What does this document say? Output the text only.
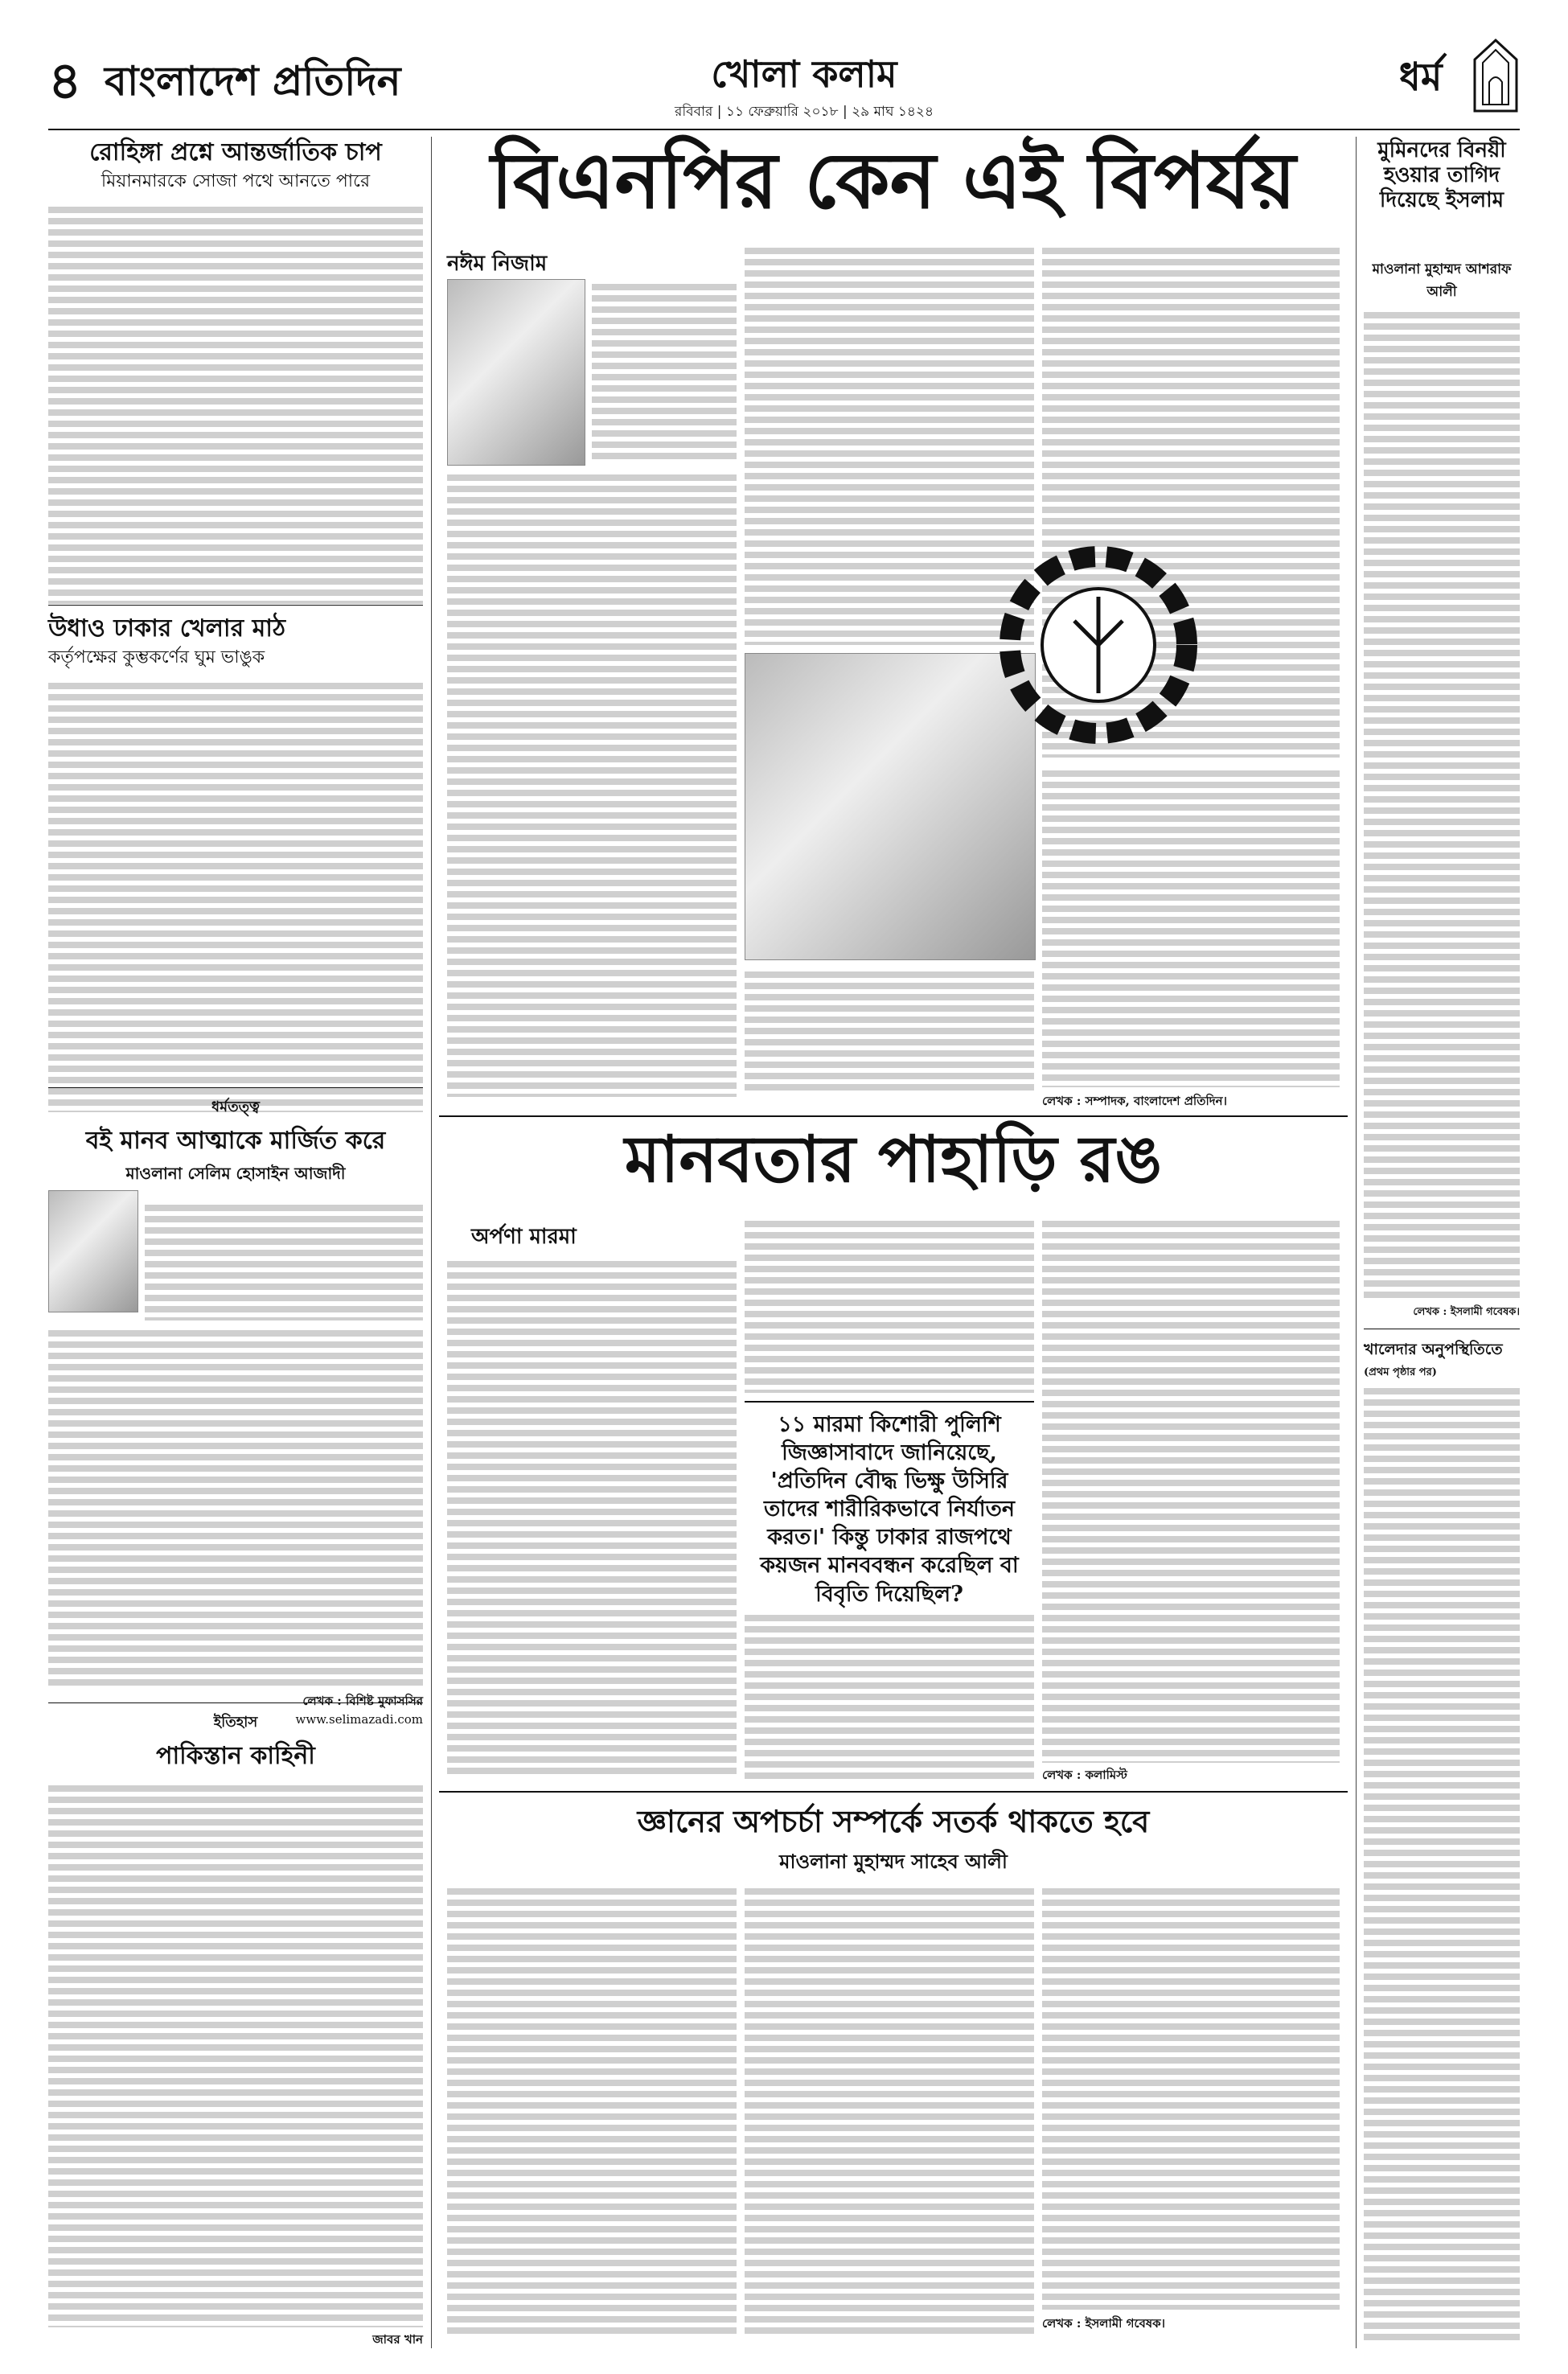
৪ বাংলাদেশ প্রতিদিন	খোলা কলাম
রবিবার | ১১ ফেব্রুয়ারি ২০১৮ | ২৯ মাঘ ১৪২৪
ধর্ম
রোহিঙ্গা প্রশ্নে আন্তর্জাতিক চাপ
মিয়ানমারকে সোজা পথে আনতে পারে
উধাও ঢাকার খেলার মাঠ
কর্তৃপক্ষের কুম্ভকর্ণের ঘুম ভাঙুক
ধর্মতত্ত্ব
বই মানব আত্মাকে মার্জিত করে
মাওলানা সেলিম হোসাইন আজাদী
লেখক : বিশিষ্ট মুফাসসির
www.selimazadi.com
ইতিহাস
পাকিস্তান কাহিনী
জাবর খান
বিএনপির কেন এই বিপর্যয়
নঈম নিজাম
লেখক : সম্পাদক, বাংলাদেশ প্রতিদিন।
মানবতার পাহাড়ি রঙ
অর্পণা মারমা
১১ মারমা কিশোরী পুলিশি জিজ্ঞাসাবাদে জানিয়েছে, 'প্রতিদিন বৌদ্ধ ভিক্ষু উসিরি তাদের শারীরিকভাবে নির্যাতন করত।' কিন্তু ঢাকার রাজপথে কয়জন মানববন্ধন করেছিল বা বিবৃতি দিয়েছিল?
লেখক : কলামিস্ট
জ্ঞানের অপচর্চা সম্পর্কে সতর্ক থাকতে হবে
মাওলানা মুহাম্মদ সাহেব আলী
লেখক : ইসলামী গবেষক।
মুমিনদের বিনয়ী হওয়ার তাগিদ দিয়েছে ইসলাম
মাওলানা মুহাম্মদ আশরাফ আলী
লেখক : ইসলামী গবেষক।
খালেদার অনুপস্থিতিতে
(প্রথম পৃষ্ঠার পর)
